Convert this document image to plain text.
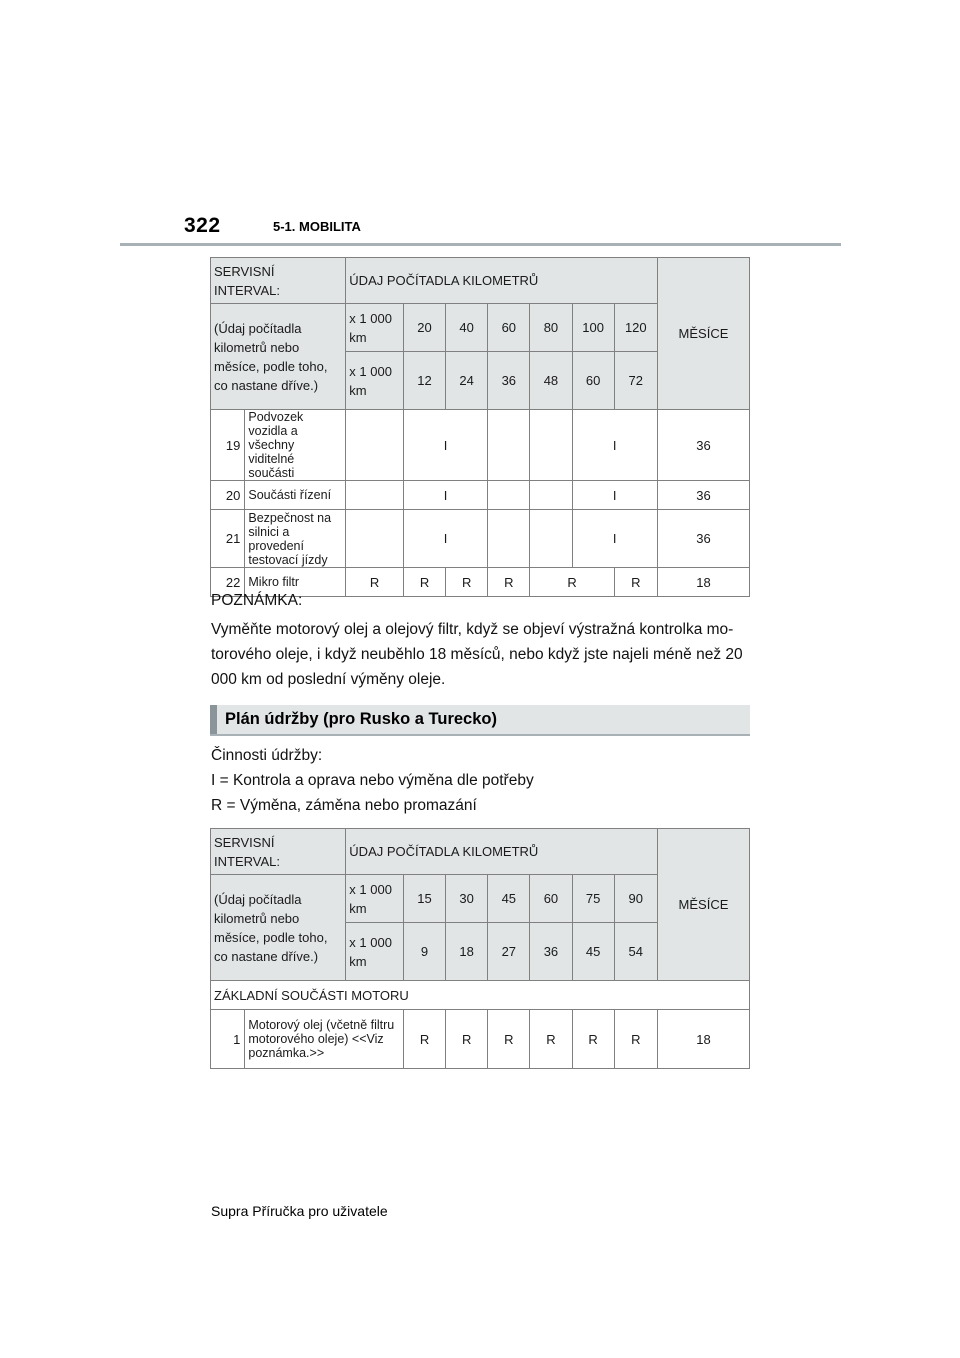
322	5-1. MOBILITA
SERVISNÍ INTERVAL:		ÚDAJ POČÍTADLA KILOMETRŮ							MĚSÍCE
(Údaj počítadla kilometrů nebo měsíce, podle toho, co nastane dříve.)		x 1 000 km	20	40	60	80	100	120	
		x 1 000 km	12	24	36	48	60	72	
19	Podvozek vozidla a všechny viditelné součásti		I				I		36
20	Součásti řízení		I				I		36
21	Bezpečnost na silnici a provedení testovací jízdy		I				I		36
22	Mikro filtr	R	R	R	R	R		R	18
POZNÁMKA:
Vyměňte motorový olej a olejový filtr, když se objeví výstražná kontrolka motorového oleje, i když neuběhlo 18 měsíců, nebo když jste najeli méně než 20 000 km od poslední výměny oleje.
Plán údržby (pro Rusko a Turecko)
Činnosti údržby:
I = Kontrola a oprava nebo výměna dle potřeby
R = Výměna, záměna nebo promazání
SERVISNÍ INTERVAL:		ÚDAJ POČÍTADLA KILOMETRŮ							MĚSÍCE
(Údaj počítadla kilometrů nebo měsíce, podle toho, co nastane dříve.)		x 1 000 km	15	30	45	60	75	90	
		x 1 000 km	9	18	27	36	45	54	
ZÁKLADNÍ SOUČÁSTI MOTORU									
1	Motorový olej (včetně filtru motorového oleje) <<Viz poznámka.>>		R	R	R	R	R	R	18
Supra Příručka pro uživatele
